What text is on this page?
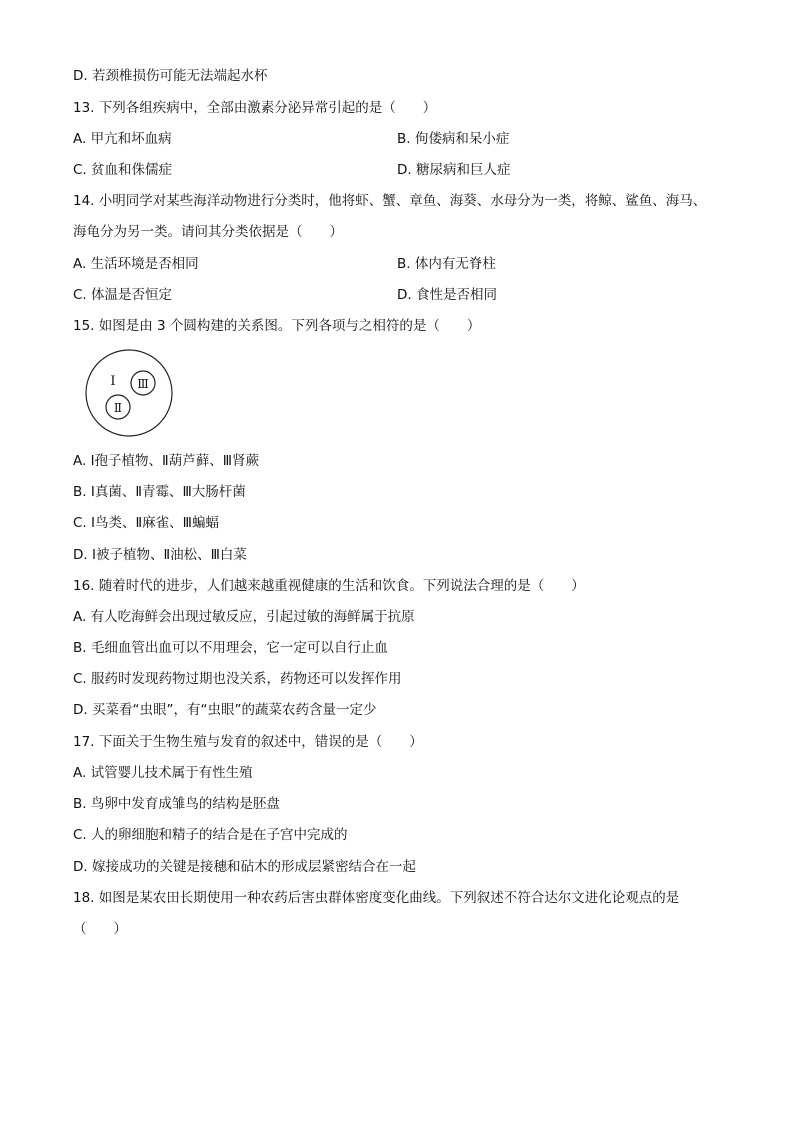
D. 若颈椎损伤可能无法端起水杯
13. 下列各组疾病中，全部由激素分泌异常引起的是（　　）
A. 甲亢和坏血病	B. 佝偻病和呆小症
C. 贫血和侏儒症	D. 糖尿病和巨人症
14. 小明同学对某些海洋动物进行分类时，他将虾、蟹、章鱼、海葵、水母分为一类，将鲸、鲨鱼、海马、
海龟分为另一类。请问其分类依据是（　　）
A. 生活环境是否相同	B. 体内有无脊柱
C. 体温是否恒定	D. 食性是否相同
15. 如图是由 3 个圆构建的关系图。下列各项与之相符的是（　　）
Ⅰ Ⅲ
Ⅱ
A. Ⅰ孢子植物、Ⅱ葫芦藓、Ⅲ肾蕨
B. Ⅰ真菌、Ⅱ青霉、Ⅲ大肠杆菌
C. Ⅰ鸟类、Ⅱ麻雀、Ⅲ蝙蝠
D. Ⅰ被子植物、Ⅱ油松、Ⅲ白菜
16. 随着时代的进步，人们越来越重视健康的生活和饮食。下列说法合理的是（　　）
A. 有人吃海鲜会出现过敏反应，引起过敏的海鲜属于抗原
B. 毛细血管出血可以不用理会，它一定可以自行止血
C. 服药时发现药物过期也没关系，药物还可以发挥作用
D. 买菜看“虫眼”，有“虫眼”的蔬菜农药含量一定少
17. 下面关于生物生殖与发育的叙述中，错误的是（　　）
A. 试管婴儿技术属于有性生殖
B. 鸟卵中发育成雏鸟的结构是胚盘
C. 人的卵细胞和精子的结合是在子宫中完成的
D. 嫁接成功的关键是接穗和砧木的形成层紧密结合在一起
18. 如图是某农田长期使用一种农药后害虫群体密度变化曲线。下列叙述不符合达尔文进化论观点的是
（　　）
